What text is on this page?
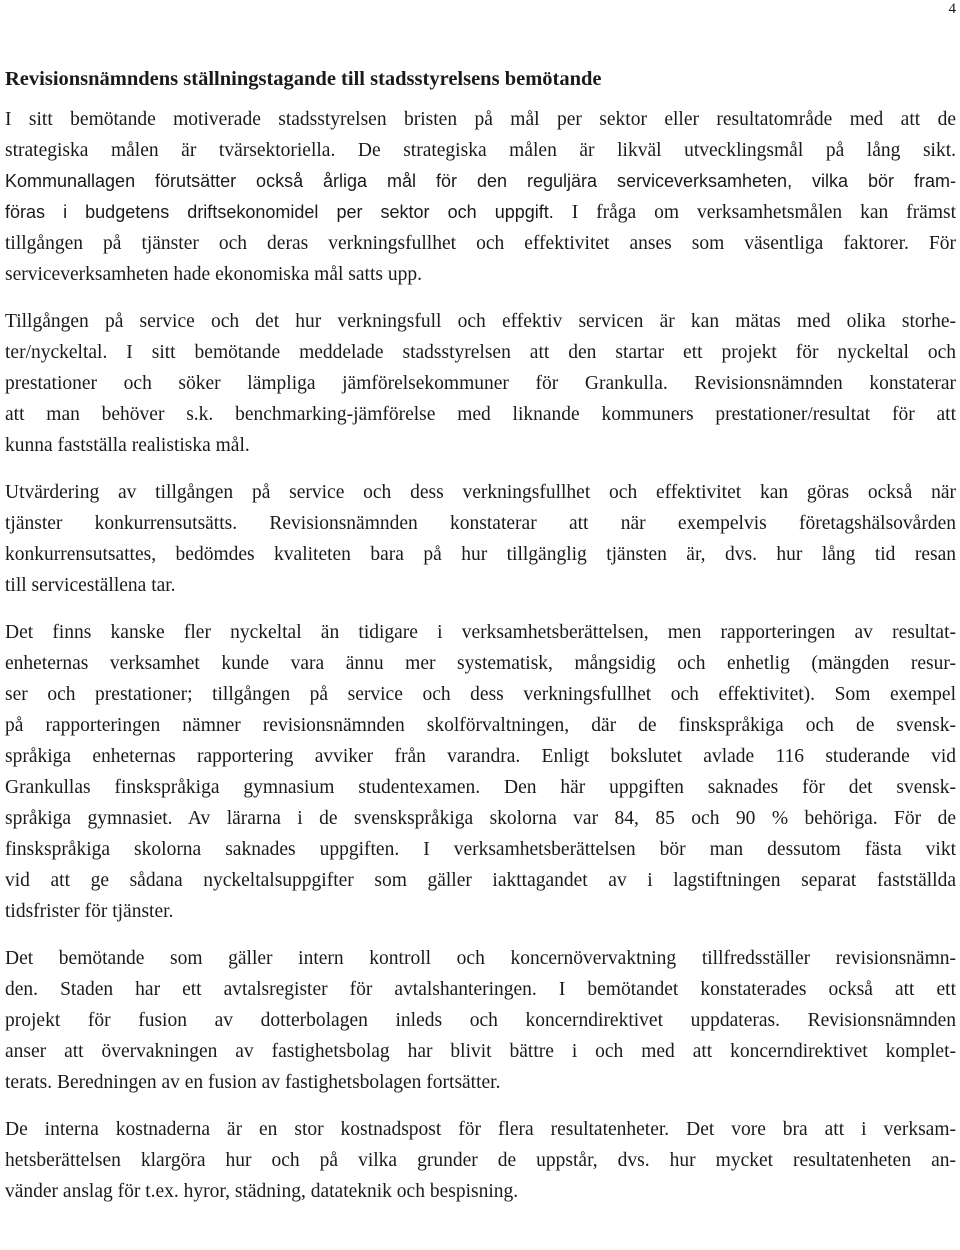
4
Revisionsnämndens ställningstagande till stadsstyrelsens bemötande

I sitt bemötande motiverade stadsstyrelsen bristen på mål per sektor eller resultatområde med att de
strategiska målen är tvärsektoriella. De strategiska målen är likväl utvecklingsmål på lång sikt.
Kommunallagen förutsätter också årliga mål för den reguljära serviceverksamheten, vilka bör fram-
föras i budgetens driftsekonomidel per sektor och uppgift. I fråga om verksamhetsmålen kan främst
tillgången på tjänster och deras verkningsfullhet och effektivitet anses som väsentliga faktorer. För
serviceverksamheten hade ekonomiska mål satts upp.

Tillgången på service och det hur verkningsfull och effektiv servicen är kan mätas med olika storhe-
ter/nyckeltal. I sitt bemötande meddelade stadsstyrelsen att den startar ett projekt för nyckeltal och
prestationer och söker lämpliga jämförelsekommuner för Grankulla. Revisionsnämnden konstaterar
att man behöver s.k. benchmarking-jämförelse med liknande kommuners prestationer/resultat för att
kunna fastställa realistiska mål.

Utvärdering av tillgången på service och dess verkningsfullhet och effektivitet kan göras också när
tjänster konkurrensutsätts. Revisionsnämnden konstaterar att när exempelvis företagshälsovården
konkurrensutsattes, bedömdes kvaliteten bara på hur tillgänglig tjänsten är, dvs. hur lång tid resan
till serviceställena tar.

Det finns kanske fler nyckeltal än tidigare i verksamhetsberättelsen, men rapporteringen av resultat-
enheternas verksamhet kunde vara ännu mer systematisk, mångsidig och enhetlig (mängden resur-
ser och prestationer; tillgången på service och dess verkningsfullhet och effektivitet). Som exempel
på rapporteringen nämner revisionsnämnden skolförvaltningen, där de finskspråkiga och de svensk-
språkiga enheternas rapportering avviker från varandra. Enligt bokslutet avlade 116 studerande vid
Grankullas finskspråkiga gymnasium studentexamen. Den här uppgiften saknades för det svensk-
språkiga gymnasiet. Av lärarna i de svenskspråkiga skolorna var 84, 85 och 90 % behöriga. För de
finskspråkiga skolorna saknades uppgiften. I verksamhetsberättelsen bör man dessutom fästa vikt
vid att ge sådana nyckeltalsuppgifter som gäller iakttagandet av i lagstiftningen separat fastställda
tidsfrister för tjänster.

Det bemötande som gäller intern kontroll och koncernövervaktning tillfredsställer revisionsnämn-
den. Staden har ett avtalsregister för avtalshanteringen. I bemötandet konstaterades också att ett
projekt för fusion av dotterbolagen inleds och koncerndirektivet uppdateras. Revisionsnämnden
anser att övervakningen av fastighetsbolag har blivit bättre i och med att koncerndirektivet komplet-
terats. Beredningen av en fusion av fastighetsbolagen fortsätter.

De interna kostnaderna är en stor kostnadspost för flera resultatenheter. Det vore bra att i verksam-
hetsberättelsen klargöra hur och på vilka grunder de uppstår, dvs. hur mycket resultatenheten an-
vänder anslag för t.ex. hyror, städning, datateknik och bespisning.
